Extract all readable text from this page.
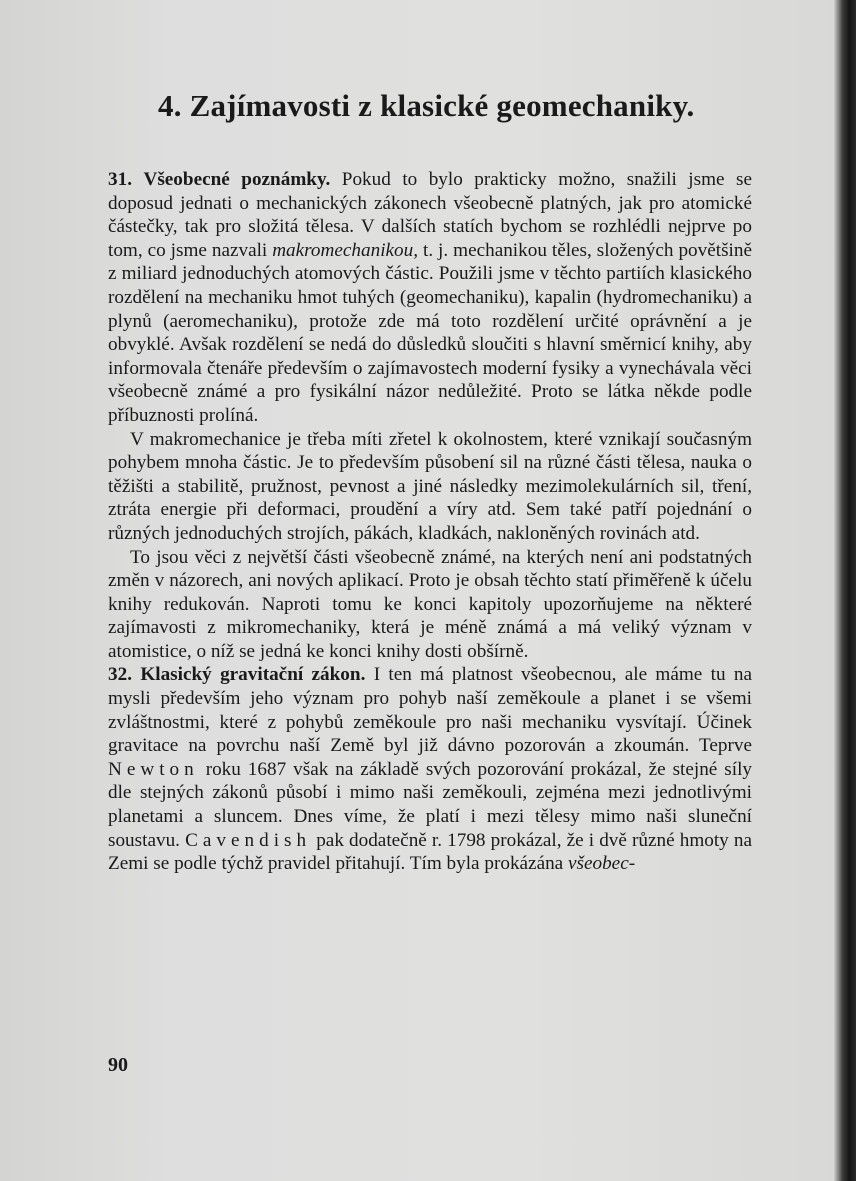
4. Zajímavosti z klasické geomechaniky.

31. Všeobecné poznámky. Pokud to bylo prakticky možno, snažili jsme se doposud jednati o mechanických zákonech všeobecně platných, jak pro atomické částečky, tak pro složitá tělesa. V dalších statích bychom se rozhlédli nejprve po tom, co jsme nazvali makromechanikou, t. j. mechanikou těles, složených povětšině z miliard jednoduchých atomových částic. Použili jsme v těchto partiích klasického rozdělení na mechaniku hmot tuhých (geomechaniku), kapalin (hydromechaniku) a plynů (aeromechaniku), protože zde má toto rozdělení určité oprávnění a je obvyklé. Avšak rozdělení se nedá do důsledků sloučiti s hlavní směrnicí knihy, aby informovala čtenáře především o zajímavostech moderní fysiky a vynechávala věci všeobecně známé a pro fysikální názor nedůležité. Proto se látka někde podle příbuznosti prolíná.

V makromechanice je třeba míti zřetel k okolnostem, které vznikají současným pohybem mnoha částic. Je to především působení sil na různé části tělesa, nauka o těžišti a stabilitě, pružnost, pevnost a jiné následky mezimolekulárních sil, tření, ztráta energie při deformaci, proudění a víry atd. Sem také patří pojednání o různých jednoduchých strojích, pákách, kladkách, nakloněných rovinách atd.

To jsou věci z největší části všeobecně známé, na kterých není ani podstatných změn v názorech, ani nových aplikací. Proto je obsah těchto statí přiměřeně k účelu knihy redukován. Naproti tomu ke konci kapitoly upozorňujeme na některé zajímavosti z mikromechaniky, která je méně známá a má veliký význam v atomistice, o níž se jedná ke konci knihy dosti obšírně.

32. Klasický gravitační zákon. I ten má platnost všeobecnou, ale máme tu na mysli především jeho význam pro pohyb naší zeměkoule a planet i se všemi zvláštnostmi, které z pohybů zeměkoule pro naši mechaniku vysvítají. Účinek gravitace na povrchu naší Země byl již dávno pozorován a zkoumán. Teprve Newton roku 1687 však na základě svých pozorování prokázal, že stejné síly dle stejných zákonů působí i mimo naši zeměkouli, zejména mezi jednotlivými planetami a sluncem. Dnes víme, že platí i mezi tělesy mimo naši sluneční soustavu. Cavendish pak dodatečně r. 1798 prokázal, že i dvě různé hmoty na Zemi se podle týchž pravidel přitahují. Tím byla prokázána všeobec-

90
